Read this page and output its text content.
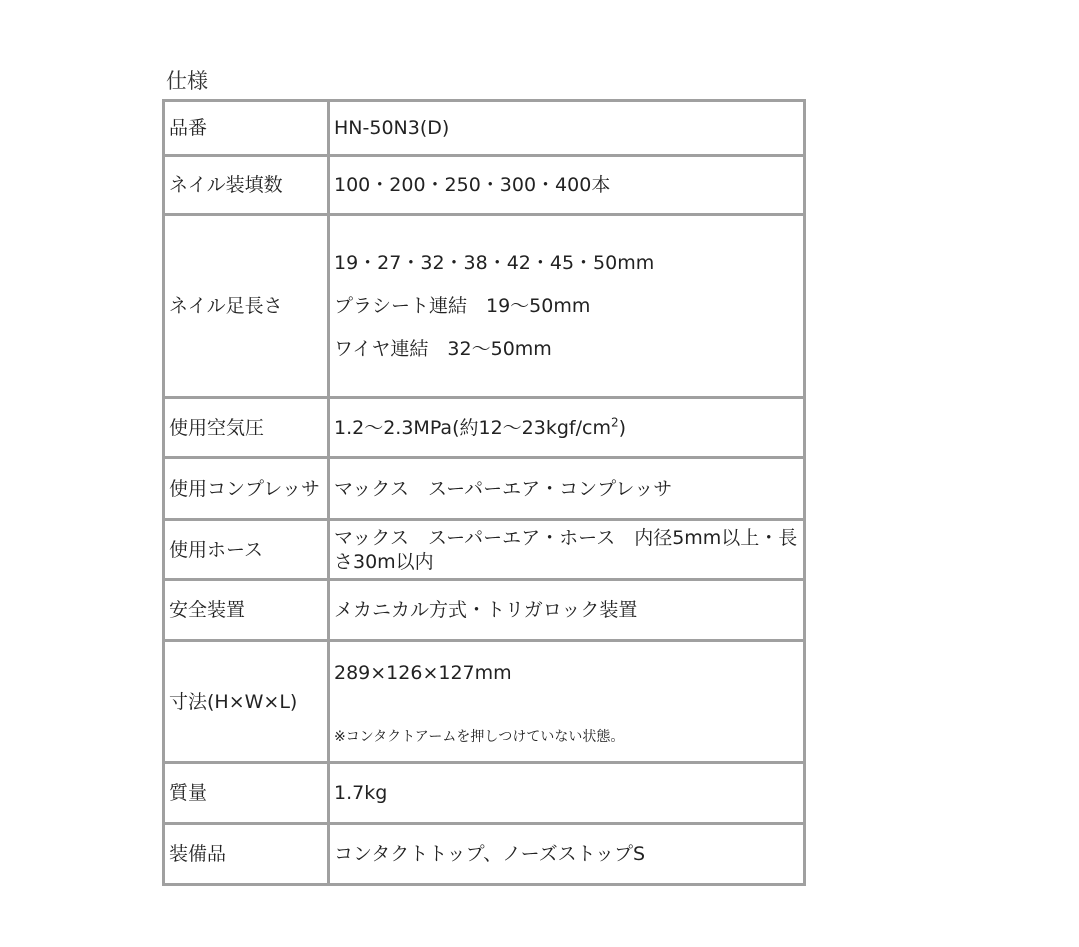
仕様
品番	HN-50N3(D)
ネイル装填数	100・200・250・300・400本
ネイル足長さ	19・27・32・38・42・45・50mm
プラシート連結　19〜50mm
ワイヤ連結　32〜50mm

使用空気圧	1.2〜2.3MPa(約12〜$23kgf/cm^2$)
使用コンプレッサ	マックス　スーパーエア・コンプレッサ
使用ホース	マックス　スーパーエア・ホース　内径5mm以上・長さ30m以内
安全装置	メカニカル方式・トリガロック装置
寸法(H×W×L)	289×126×127mm
※コンタクトアームを押しつけていない状態。

質量	1.7kg
装備品	コンタクトトップ、ノーズストップS
